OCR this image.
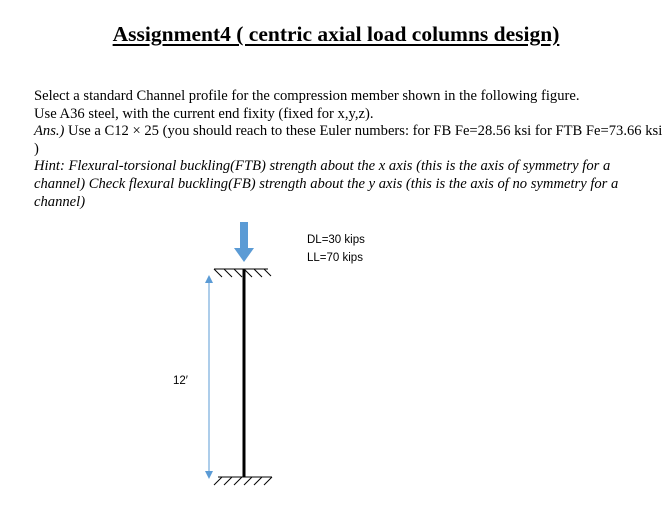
Assignment4 ( centric axial load columns design)

Select a standard Channel profile for the compression member shown in the following figure.

Use A36 steel, with the current end fixity (fixed for x,y,z).

Ans.) Use a C12 × 25 (you should reach to these Euler numbers: for FB Fe=28.56 ksi for FTB Fe=73.66 ksi )

Hint: Flexural-torsional buckling(FTB) strength about the x axis (this is the axis of symmetry for a channel) Check flexural buckling(FB) strength about the y axis (this is the axis of no symmetry for a channel)

DL=30 kips
LL=70 kips
12′
